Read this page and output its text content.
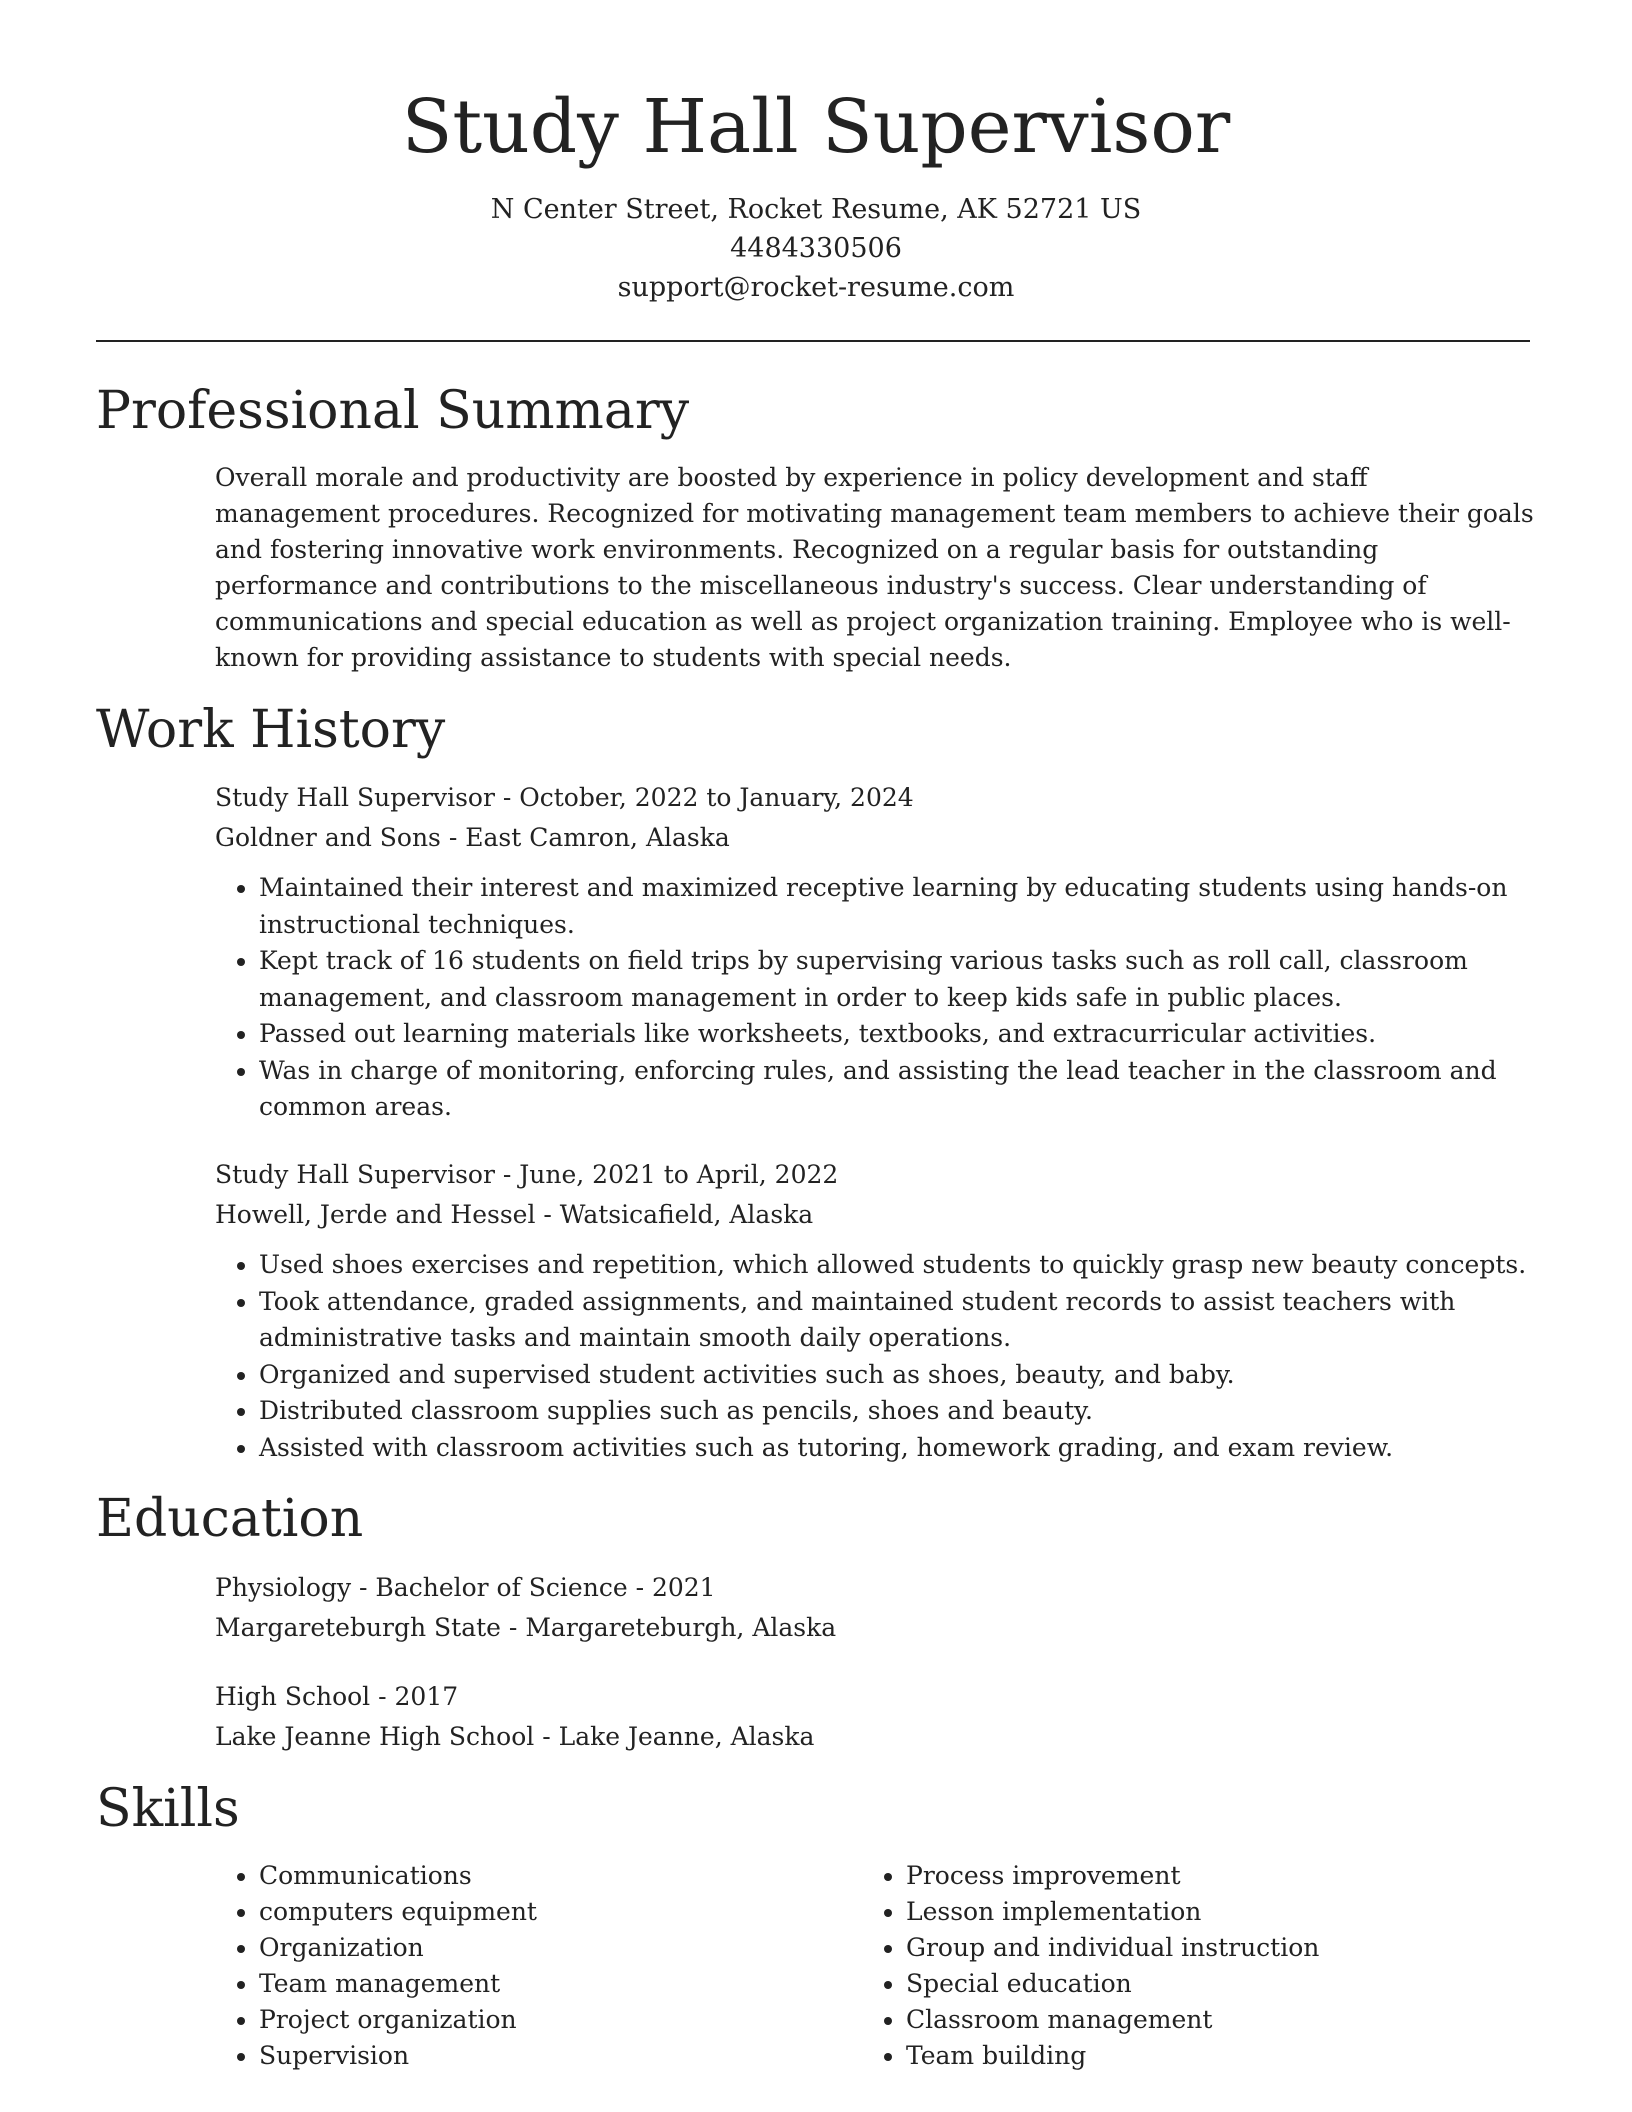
Study Hall Supervisor
N Center Street, Rocket Resume, AK 52721 US
4484330506
support@rocket-resume.com
Professional Summary
Overall morale and productivity are boosted by experience in policy development and staff management procedures. Recognized for motivating management team members to achieve their goals and fostering innovative work environments. Recognized on a regular basis for outstanding performance and contributions to the miscellaneous industry's success. Clear understanding of communications and special education as well as project organization training. Employee who is well-known for providing assistance to students with special needs.
Work History
Study Hall Supervisor - October, 2022 to January, 2024
Goldner and Sons - East Camron, Alaska
• Maintained their interest and maximized receptive learning by educating students using hands-on instructional techniques.
• Kept track of 16 students on field trips by supervising various tasks such as roll call, classroom management, and classroom management in order to keep kids safe in public places.
• Passed out learning materials like worksheets, textbooks, and extracurricular activities.
• Was in charge of monitoring, enforcing rules, and assisting the lead teacher in the classroom and common areas.
Study Hall Supervisor - June, 2021 to April, 2022
Howell, Jerde and Hessel - Watsicafield, Alaska
• Used shoes exercises and repetition, which allowed students to quickly grasp new beauty concepts.
• Took attendance, graded assignments, and maintained student records to assist teachers with administrative tasks and maintain smooth daily operations.
• Organized and supervised student activities such as shoes, beauty, and baby.
• Distributed classroom supplies such as pencils, shoes and beauty.
• Assisted with classroom activities such as tutoring, homework grading, and exam review.
Education
Physiology - Bachelor of Science - 2021
Margareteburgh State - Margareteburgh, Alaska
High School - 2017
Lake Jeanne High School - Lake Jeanne, Alaska
Skills
• Communications
• computers equipment
• Organization
• Team management
• Project organization
• Supervision
• Process improvement
• Lesson implementation
• Group and individual instruction
• Special education
• Classroom management
• Team building
